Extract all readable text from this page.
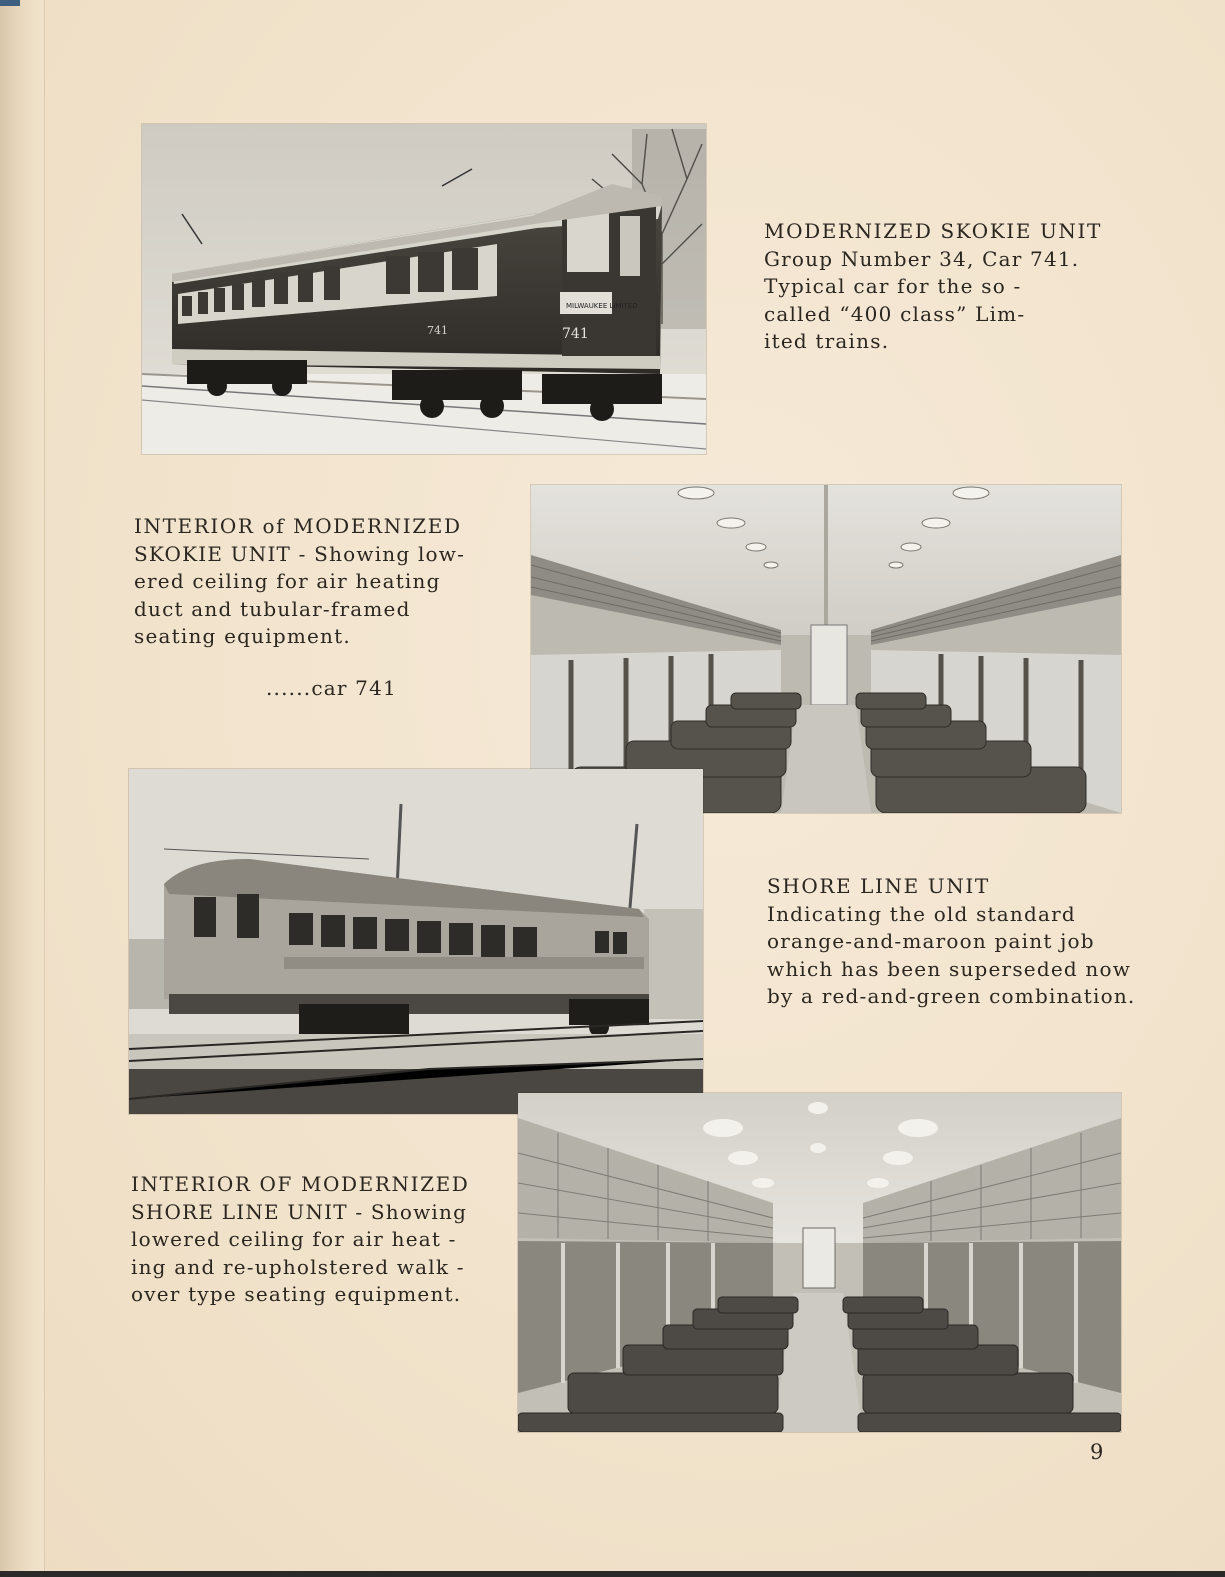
MILWAUKEE LIMITED
741	741
MODERNIZED SKOKIE UNIT
Group Number 34, Car 741.
Typical car for the so -
called “400 class” Lim-
ited trains.
INTERIOR of MODERNIZED
SKOKIE UNIT - Showing low-
ered ceiling for air heating
duct and tubular-framed
seating equipment.
......car 741
SHORE LINE UNIT
Indicating the old standard
orange-and-maroon paint job
which has been superseded now
by a red-and-green combination.
INTERIOR OF MODERNIZED
SHORE LINE UNIT - Showing
lowered ceiling for air heat -
ing and re-upholstered walk -
over type seating equipment.
9
